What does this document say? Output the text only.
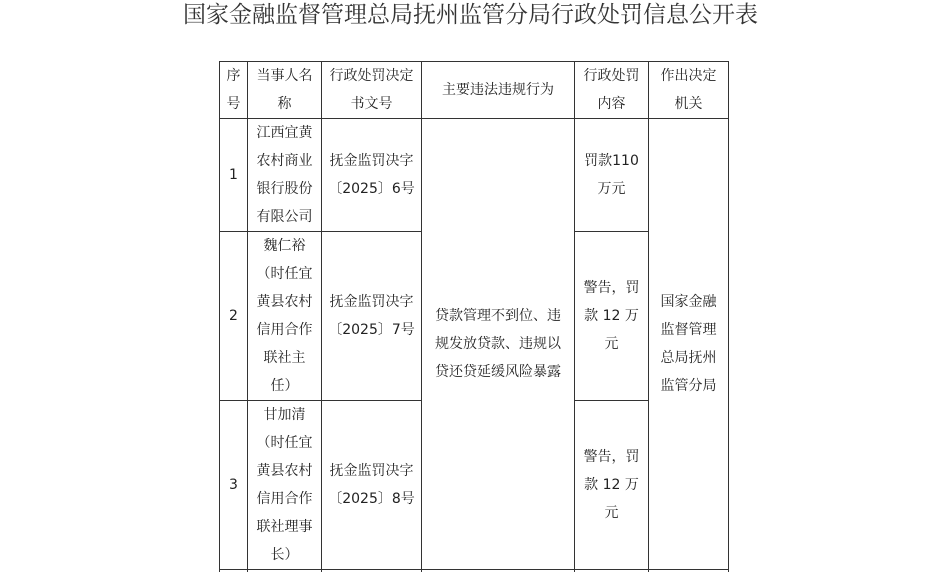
国家金融监督管理总局抚州监管分局行政处罚信息公开表
序号	当事人名称	行政处罚决定书文号	主要违法违规行为	行政处罚内容	作出决定机关
1	江西宜黄农村商业银行股份有限公司	抚金监罚决字〔2025〕6号	贷款管理不到位、违规发放贷款、违规以贷还贷延缓风险暴露	罚款110万元	国家金融监督管理总局抚州监管分局
2	魏仁裕（时任宜黄县农村信用合作联社主任）	抚金监罚决字〔2025〕7号		警告，罚款 12 万元	
3	甘加清（时任宜黄县农村信用合作联社理事长）	抚金监罚决字〔2025〕8号		警告，罚款 12 万元	
